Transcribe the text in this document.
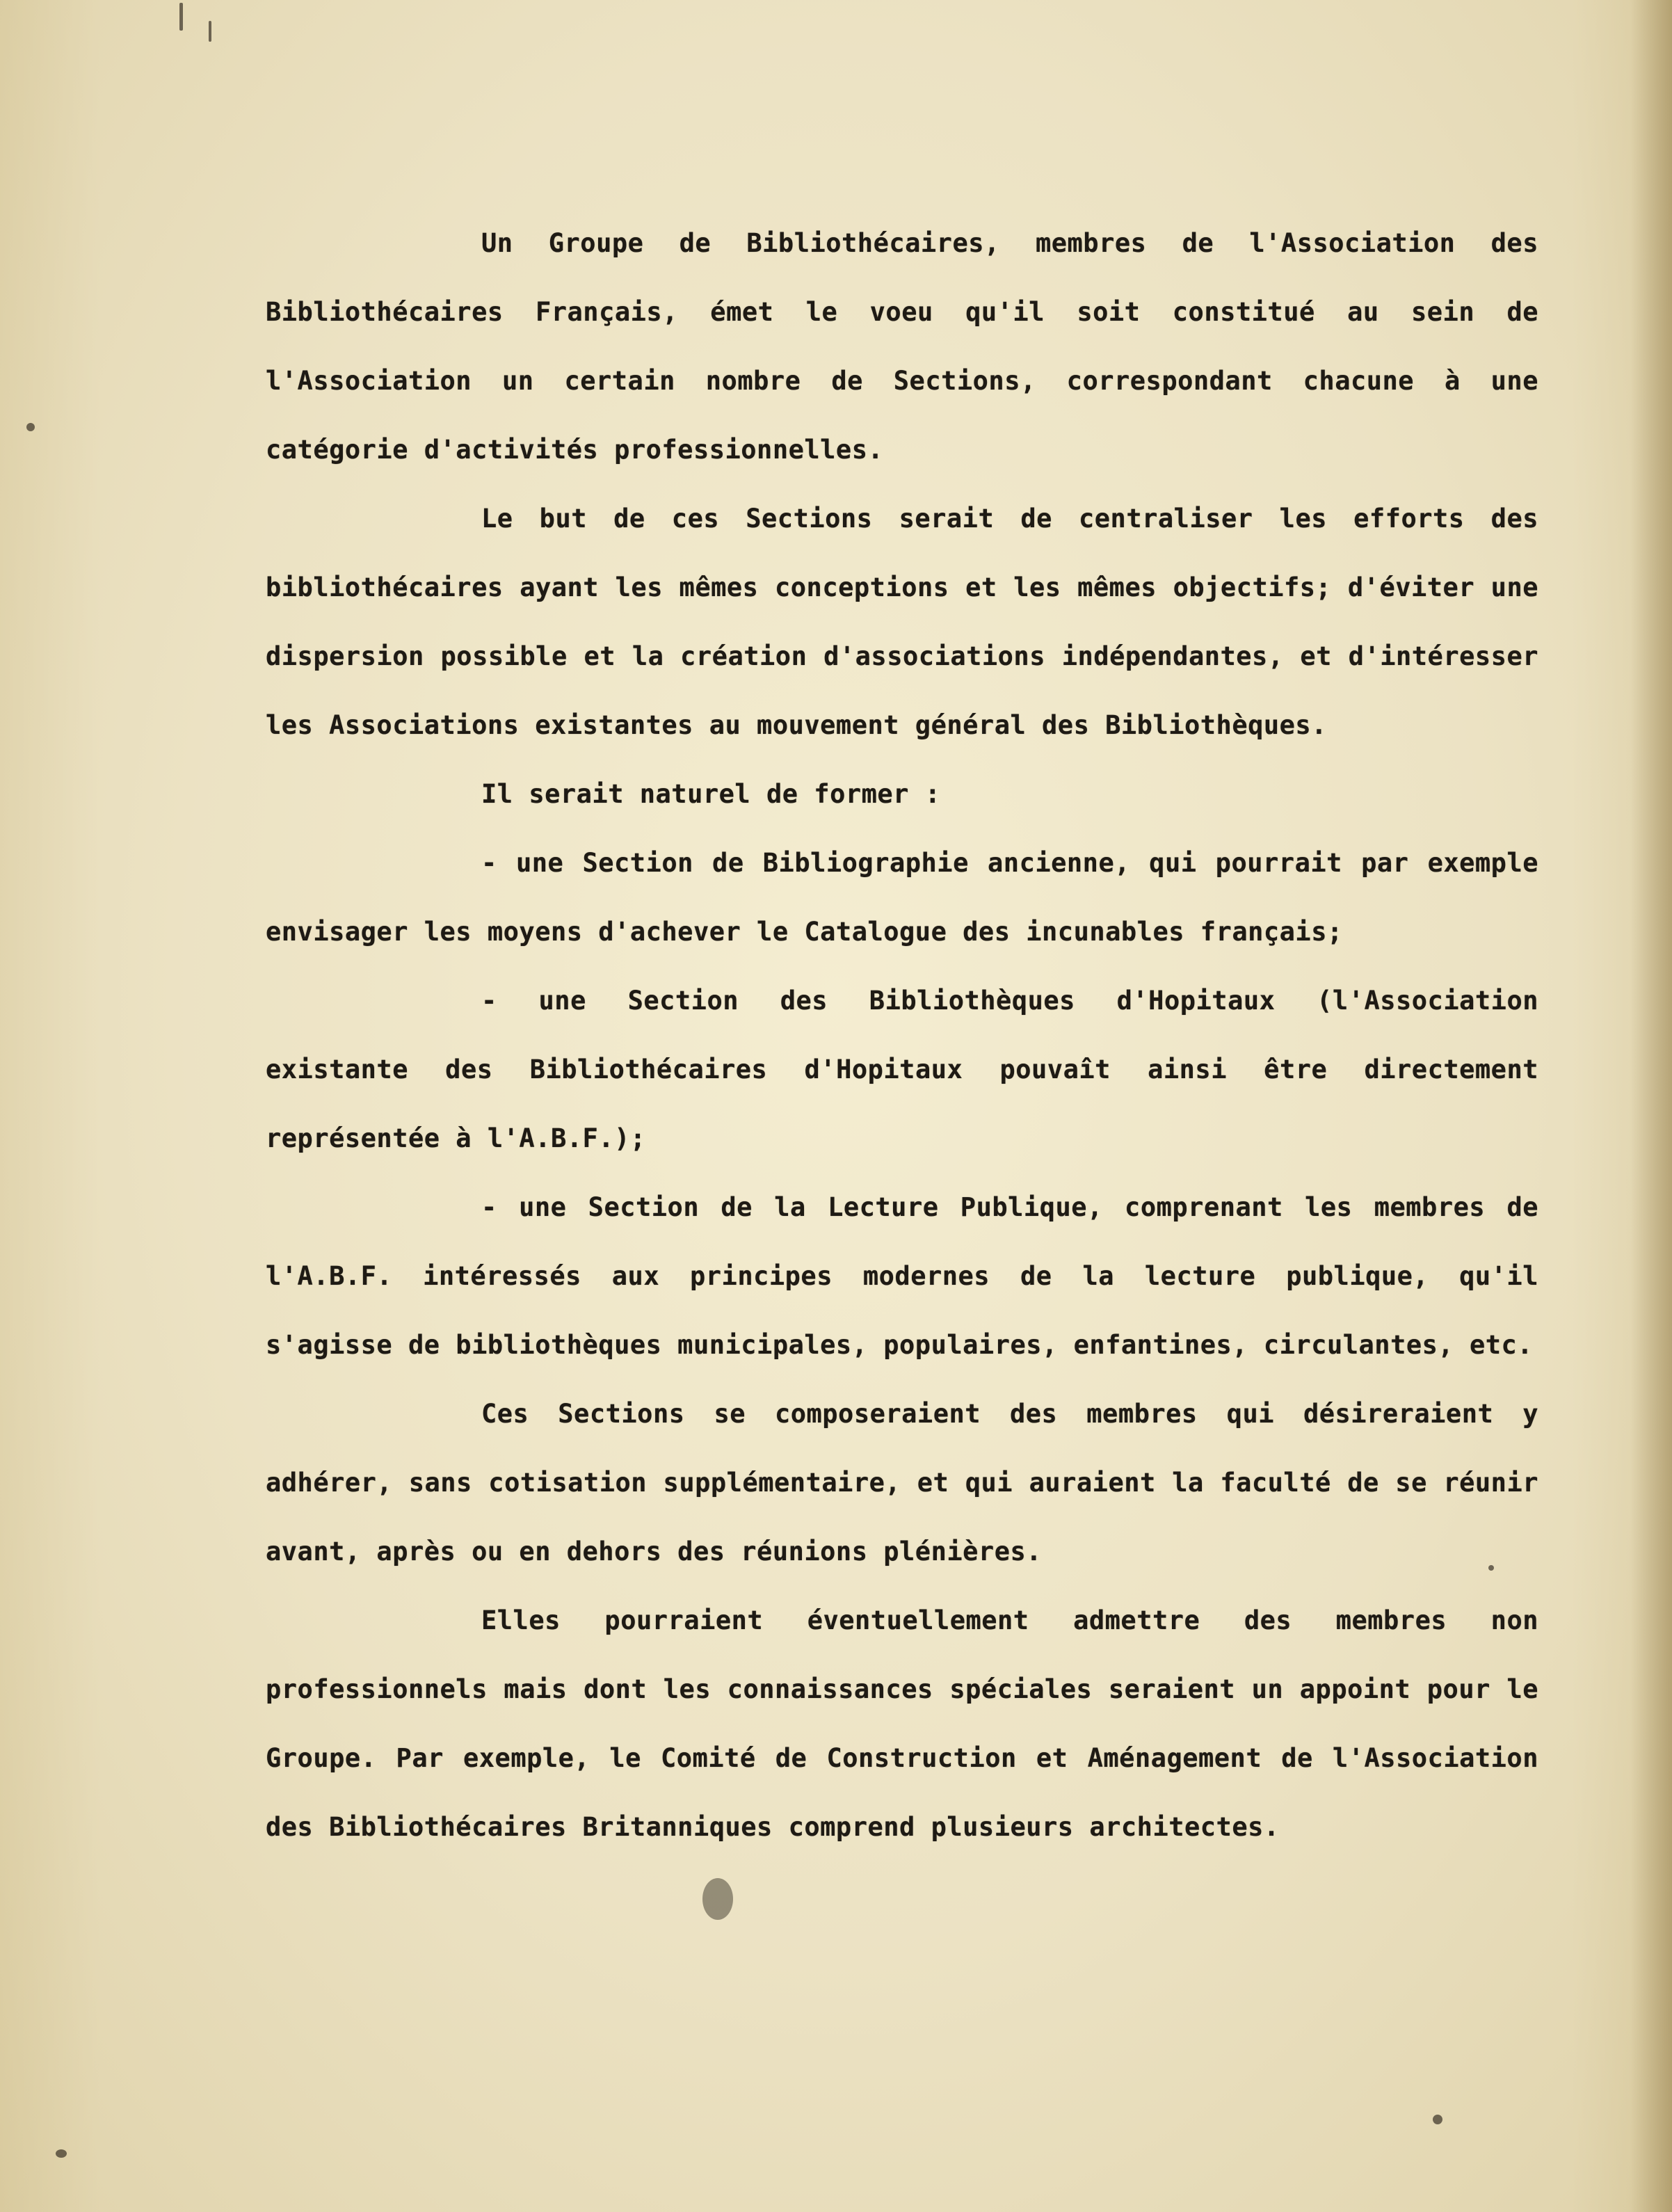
Un Groupe de Bibliothécaires, membres de l'Association des Bibliothécaires Français, émet le voeu qu'il soit constitué au sein de l'Association un certain nombre de Sections, correspondant chacune à une catégorie d'activités professionnelles.

Le but de ces Sections serait de centraliser les efforts des bibliothécaires ayant les mêmes conceptions et les mêmes objectifs; d'éviter une dispersion possible et la création d'associations indépendantes, et d'intéresser les Associations existantes au mouvement général des Bibliothèques.

Il serait naturel de former :

- une Section de Bibliographie ancienne, qui pourrait par exemple envisager les moyens d'achever le Catalogue des incunables français;

- une Section des Bibliothèques d'Hopitaux (l'Association existante des Bibliothécaires d'Hopitaux pouvaît ainsi être directement représentée à l'A.B.F.);

- une Section de la Lecture Publique, comprenant les membres de l'A.B.F. intéressés aux principes modernes de la lecture publique, qu'il s'agisse de bibliothèques municipales, populaires, enfantines, circulantes, etc.

Ces Sections se composeraient des membres qui désireraient y adhérer, sans cotisation supplémentaire, et qui auraient la faculté de se réunir avant, après ou en dehors des réunions plénières.

Elles pourraient éventuellement admettre des membres non professionnels mais dont les connaissances spéciales seraient un appoint pour le Groupe. Par exemple, le Comité de Construction et Aménagement de l'Association des Bibliothécaires Britanniques comprend plusieurs architectes.
